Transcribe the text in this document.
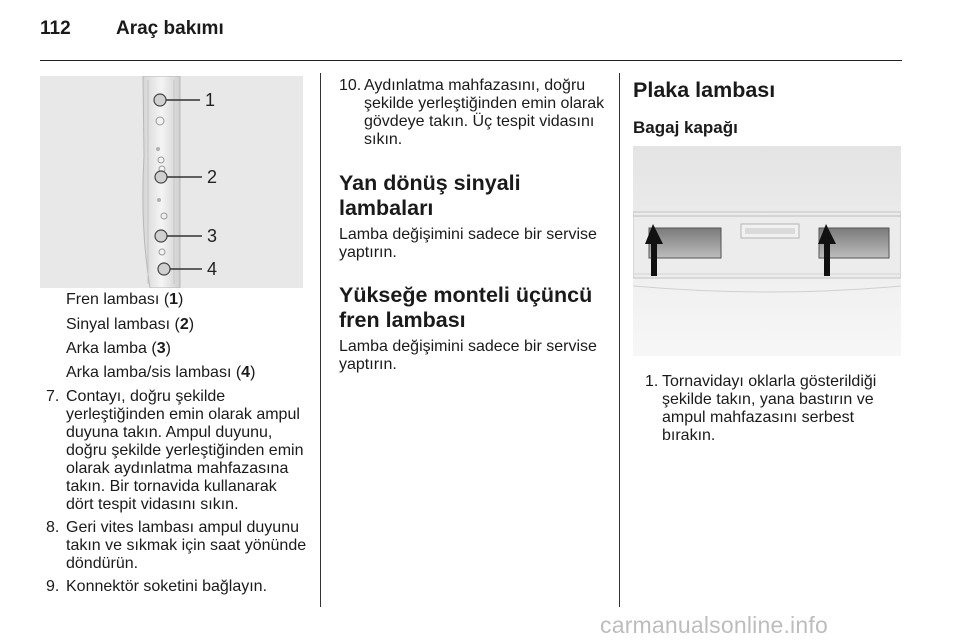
112 Araç bakımı
1
2
3
4
Fren lambası (1)
Sinyal lambası (2)
Arka lamba (3)
Arka lamba/sis lambası (4)
7. Contayı, doğru şekilde
yerleştiğinden emin olarak ampul
duyuna takın. Ampul duyunu,
doğru şekilde yerleştiğinden emin
olarak aydınlatma mahfazasına
takın. Bir tornavida kullanarak
dört tespit vidasını sıkın.
8. Geri vites lambası ampul duyunu
takın ve sıkmak için saat yönünde
döndürün.
9. Konnektör soketini bağlayın.
10. Aydınlatma mahfazasını, doğru
şekilde yerleştiğinden emin olarak
gövdeye takın. Üç tespit vidasını
sıkın.
Yan dönüş sinyali
lambaları
Lamba değişimini sadece bir servise
yaptırın.
Yükseğe monteli üçüncü
fren lambası
Lamba değişimini sadece bir servise
yaptırın.
Plaka lambası
Bagaj kapağı
1. Tornavidayı oklarla gösterildiği
şekilde takın, yana bastırın ve
ampul mahfazasını serbest
bırakın.
carmanualsonline.info
